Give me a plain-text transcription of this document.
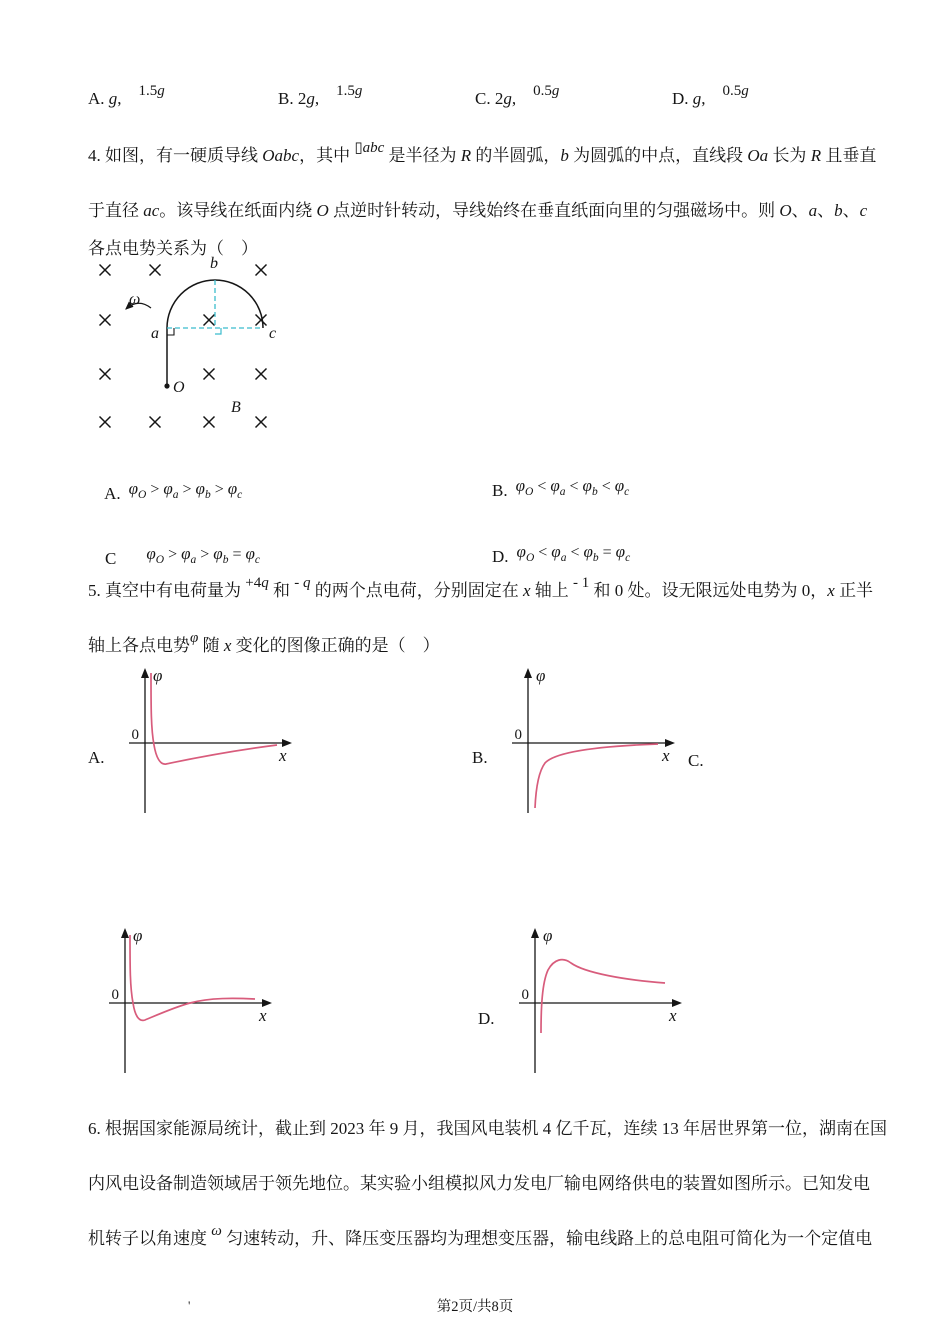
A. g,    1.5g	B. 2g,    1.5g	C. 2g,    0.5g	D. g,    0.5g
4. 如图，有一硬质导线 Oabc，其中 ▯abc 是半径为 R 的半圆弧，b 为圆弧的中点，直线段 Oa 长为 R 且垂直
于直径 ac。该导线在纸面内绕 O 点逆时针转动，导线始终在垂直纸面向里的匀强磁场中。则 O、a、b、c
各点电势关系为（　）
b
a	c
O
B
ω

A. $\varphi_O > \varphi_a > \varphi_b > \varphi_c$
	B. $\varphi_O < \varphi_a < \varphi_b < \varphi_c$

C $\varphi_O > \varphi_a > \varphi_b = \varphi_c$
	D. $\varphi_O < \varphi_a < \varphi_b = \varphi_c$

5. 真空中有电荷量为 +4q 和 - q 的两个点电荷，分别固定在 x 轴上 - 1 和 0 处。设无限远处电势为 0，x 正半
轴上各点电势φ 随 x 变化的图像正确的是（　）
A.
φ
0
x	B.
φ
0
x C.
φ
0
x	D.
φ
0
x
6. 根据国家能源局统计，截止到 2023 年 9 月，我国风电装机 4 亿千瓦，连续 13 年居世界第一位，湖南在国
内风电设备制造领域居于领先地位。某实验小组模拟风力发电厂输电网络供电的装置如图所示。已知发电
机转子以角速度 ω 匀速转动，升、降压变压器均为理想变压器，输电线路上的总电阻可简化为一个定值电
'	第2页/共8页
